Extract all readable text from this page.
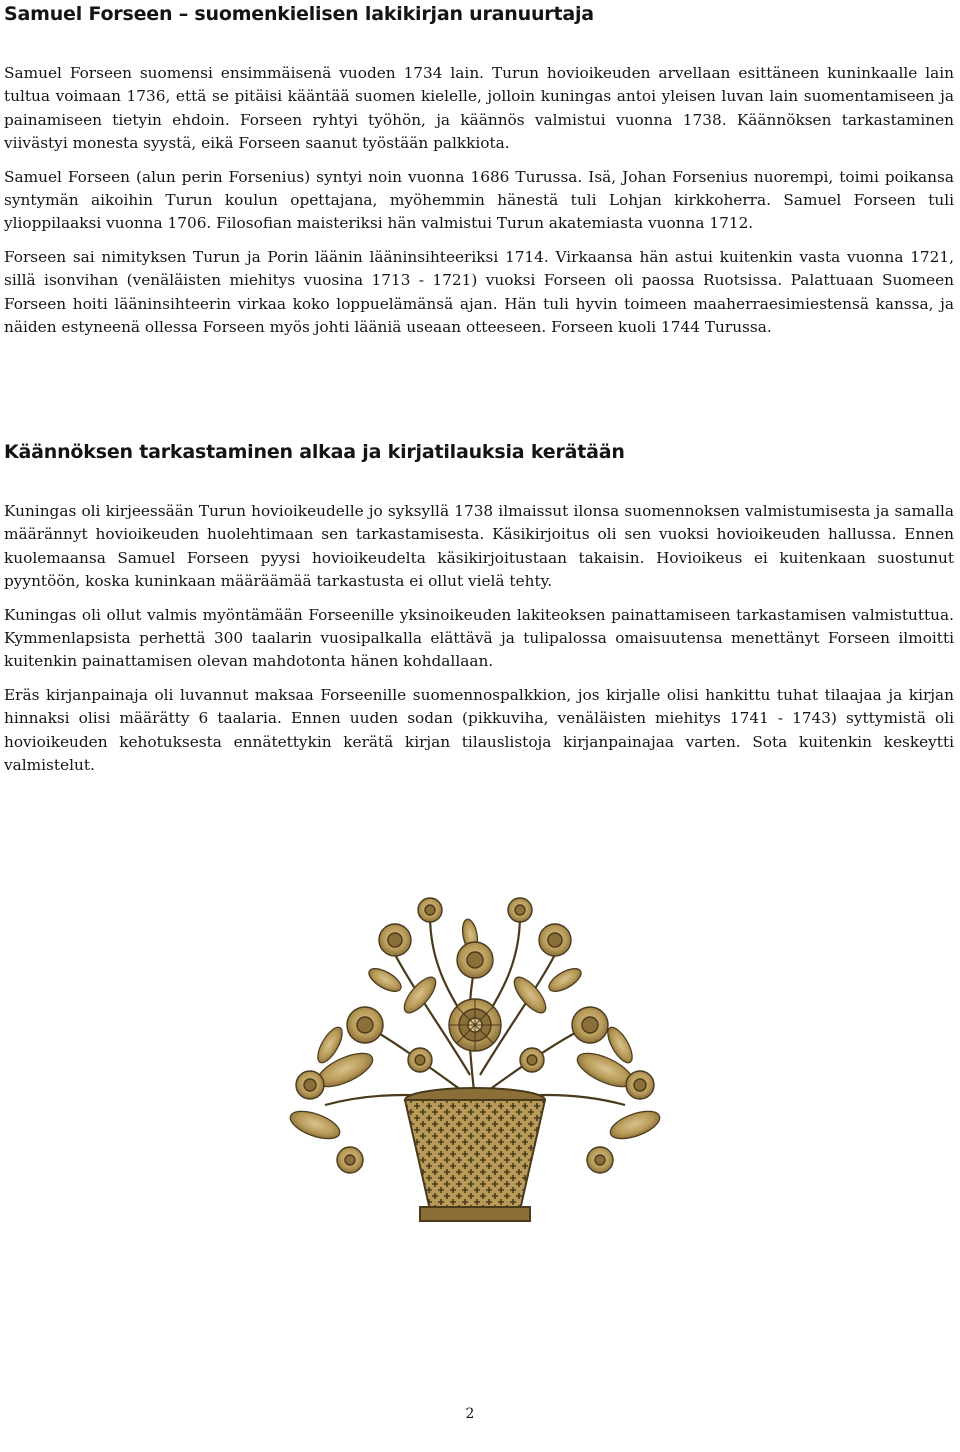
Samuel Forseen – suomenkielisen lakikirjan uranuurtaja

Samuel Forseen suomensi ensimmäisenä vuoden 1734 lain. Turun hovioikeuden arvellaan esittäneen kuninkaalle lain tultua voimaan 1736, että se pitäisi kääntää suomen kielelle, jolloin kuningas antoi yleisen luvan lain suomentamiseen ja painamiseen tietyin ehdoin. Forseen ryhtyi työhön, ja käännös valmistui vuonna 1738. Käännöksen tarkastaminen viivästyi monesta syystä, eikä Forseen saanut työstään palkkiota.

Samuel Forseen (alun perin Forsenius) syntyi noin vuonna 1686 Turussa. Isä, Johan Forsenius nuorempi, toimi poikansa syntymän aikoihin Turun koulun opettajana, myöhemmin hänestä tuli Lohjan kirkkoherra. Samuel Forseen tuli ylioppilaaksi vuonna 1706. Filosofian maisteriksi hän valmistui Turun akatemiasta vuonna 1712.

Forseen sai nimityksen Turun ja Porin läänin lääninsihteeriksi 1714. Virkaansa hän astui kuitenkin vasta vuonna 1721, sillä isonvihan (venäläisten miehitys vuosina 1713 - 1721) vuoksi Forseen oli paossa Ruotsissa. Palattuaan Suomeen Forseen hoiti lääninsihteerin virkaa koko loppuelämänsä ajan. Hän tuli hyvin toimeen maaherraesimiestensä kanssa, ja näiden estyneenä ollessa Forseen myös johti lääniä useaan otteeseen. Forseen kuoli 1744 Turussa.

Käännöksen tarkastaminen alkaa ja kirjatilauksia kerätään

Kuningas oli kirjeessään Turun hovioikeudelle jo syksyllä 1738 ilmaissut ilonsa suomennoksen valmistumisesta ja samalla määrännyt hovioikeuden huolehtimaan sen tarkastamisesta. Käsikirjoitus oli sen vuoksi hovioikeuden hallussa. Ennen kuolemaansa Samuel Forseen pyysi hovioikeudelta käsikirjoitustaan takaisin. Hovioikeus ei kuitenkaan suostunut pyyntöön, koska kuninkaan määräämää tarkastusta ei ollut vielä tehty.

Kuningas oli ollut valmis myöntämään Forseenille yksinoikeuden lakiteoksen painattamiseen tarkastamisen valmistuttua. Kymmenlapsista perhettä 300 taalarin vuosipalkalla elättävä ja tulipalossa omaisuutensa menettänyt Forseen ilmoitti kuitenkin painattamisen olevan mahdotonta hänen kohdallaan.

Eräs kirjanpainaja oli luvannut maksaa Forseenille suomennospalkkion, jos kirjalle olisi hankittu tuhat tilaajaa ja kirjan hinnaksi olisi määrätty 6 taalaria. Ennen uuden sodan (pikkuviha, venäläisten miehitys 1741 - 1743) syttymistä oli hovioikeuden kehotuksesta ennätettykin kerätä kirjan tilauslistoja kirjanpainajaa varten. Sota kuitenkin keskeytti valmistelut.

2
